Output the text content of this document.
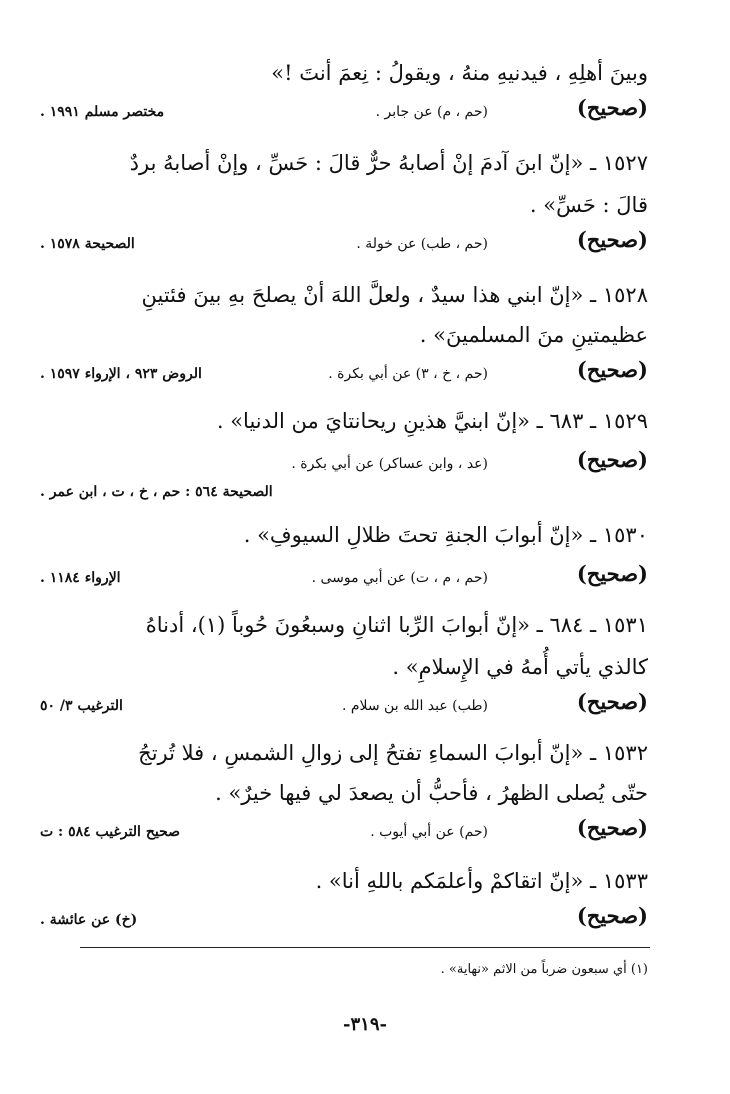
وبينَ أهلِهِ ، فيدنيهِ منهُ ، ويقولُ : نِعمَ أنتَ !»
(صحيح)
(حم ، م) عن جابر .
مختصر مسلم ١٩٩١ .
١٥٢٧ ـ «إنّ ابنَ آدمَ إنْ أصابهُ حرٌّ قالَ : حَسِّ ، وإنْ أصابهُ بردٌ
قالَ : حَسِّ» .
(صحيح)
(حم ، طب) عن خولة .
الصحيحة ١٥٧٨ .
١٥٢٨ ـ «إنّ ابني هذا سيدٌ ، ولعلَّ اللهَ أنْ يصلحَ بهِ بينَ فئتينِ
عظيمتينِ منَ المسلمينَ» .
(صحيح)
(حم ، خ ، ٣) عن أبي بكرة .
الروض ٩٢٣ ، الإرواء ١٥٩٧ .
١٥٢٩ ـ ٦٨٣ ـ «إنّ ابنيَّ هذينِ ريحانتايَ من الدنيا» .
(صحيح)
(عد ، وابن عساكر) عن أبي بكرة .
الصحيحة ٥٦٤ : حم ، خ ، ت ، ابن عمر .
١٥٣٠ ـ «إنّ أبوابَ الجنةِ تحتَ ظلالِ السيوفِ» .
(صحيح)
(حم ، م ، ت) عن أبي موسى .
الإرواء ١١٨٤ .
١٥٣١ ـ ٦٨٤ ـ «إنّ أبوابَ الرِّبا اثنانِ وسبعُونَ حُوباً (١)، أدناهُ
كالذي يأتي أُمهُ في الإِسلامِ» .
(صحيح)
(طب) عبد الله بن سلام .
الترغيب ٣/ ٥٠
١٥٣٢ ـ «إنّ أبوابَ السماءِ تفتحُ إلى زوالِ الشمسِ ، فلا تُرتجُ
حتّى يُصلى الظهرُ ، فأحبُّ أن يصعدَ لي فيها خيرٌ» .
(صحيح)
(حم) عن أبي أيوب .
صحيح الترغيب ٥٨٤ : ت
١٥٣٣ ـ «إنّ اتقاكمْ وأعلمَكم باللهِ أنا» .
(صحيح)
(خ) عن عائشة .
(١) أي سبعون ضرباً من الاثم «نهاية» .
-٣١٩-
